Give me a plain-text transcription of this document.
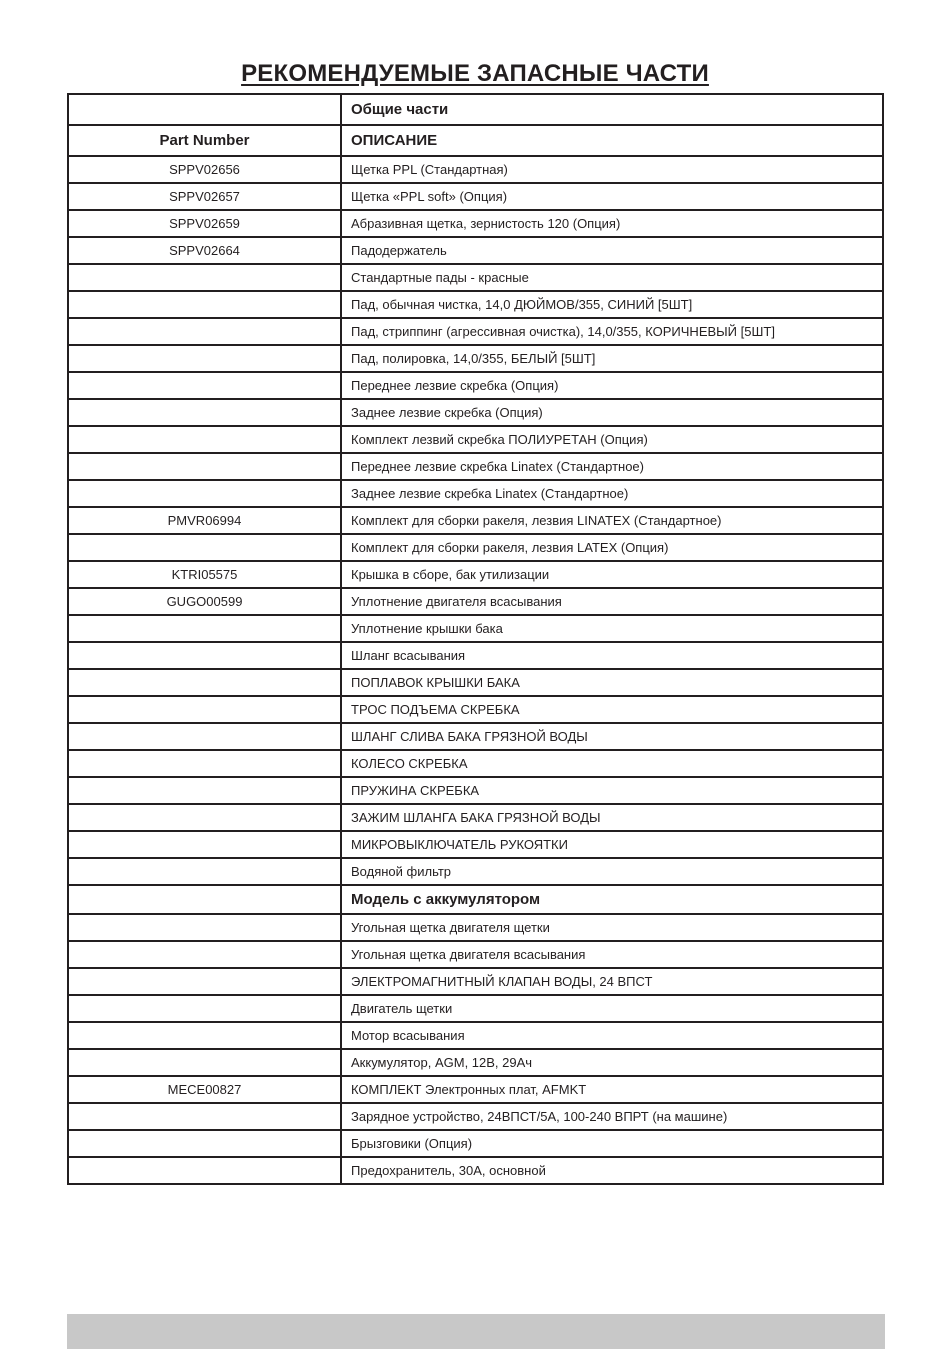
РЕКОМЕНДУЕМЫЕ ЗАПАСНЫЕ ЧАСТИ
	Общие части
Part Number	ОПИСАНИЕ
SPPV02656	Щетка PPL (Стандартная)
SPPV02657	Щетка «PPL soft» (Опция)
SPPV02659	Абразивная щетка, зернистость 120 (Опция)
SPPV02664	Падодержатель
	Стандартные пады - красные
	Пад, обычная чистка, 14,0 ДЮЙМОВ/355, СИНИЙ [5ШТ]
	Пад, стриппинг (агрессивная очистка), 14,0/355, КОРИЧНЕВЫЙ [5ШТ]
	Пад, полировка, 14,0/355, БЕЛЫЙ [5ШТ]
	Переднее лезвие скребка (Опция)
	Заднее лезвие скребка (Опция)
	Комплект лезвий скребка ПОЛИУРЕТАН (Опция)
	Переднее лезвие скребка Linatex (Стандартное)
	Заднее лезвие скребка Linatex (Стандартное)
PMVR06994	Комплект для сборки ракеля, лезвия LINATEX (Стандартное)
	Комплект для сборки ракеля, лезвия LATEX (Опция)
KTRI05575	Крышка в сборе, бак утилизации
GUGO00599	Уплотнение двигателя всасывания
	Уплотнение крышки бака
	Шланг всасывания
	ПОПЛАВОК КРЫШКИ БАКА
	ТРОС ПОДЪЕМА СКРЕБКА
	ШЛАНГ СЛИВА БАКА ГРЯЗНОЙ ВОДЫ
	КОЛЕСО СКРЕБКА
	ПРУЖИНА СКРЕБКА
	ЗАЖИМ ШЛАНГА БАКА ГРЯЗНОЙ ВОДЫ
	МИКРОВЫКЛЮЧАТЕЛЬ РУКОЯТКИ
	Водяной фильтр
	Модель с аккумулятором
	Угольная щетка двигателя щетки
	Угольная щетка двигателя всасывания
	ЭЛЕКТРОМАГНИТНЫЙ КЛАПАН ВОДЫ, 24 ВПСТ
	Двигатель щетки
	Мотор всасывания
	Аккумулятор, AGM, 12В, 29Ач
MECE00827	КОМПЛЕКТ Электронных плат, AFMKT
	Зарядное устройство, 24ВПСТ/5А, 100-240 ВПРТ (на машине)
	Брызговики (Опция)
	Предохранитель, 30А, основной
